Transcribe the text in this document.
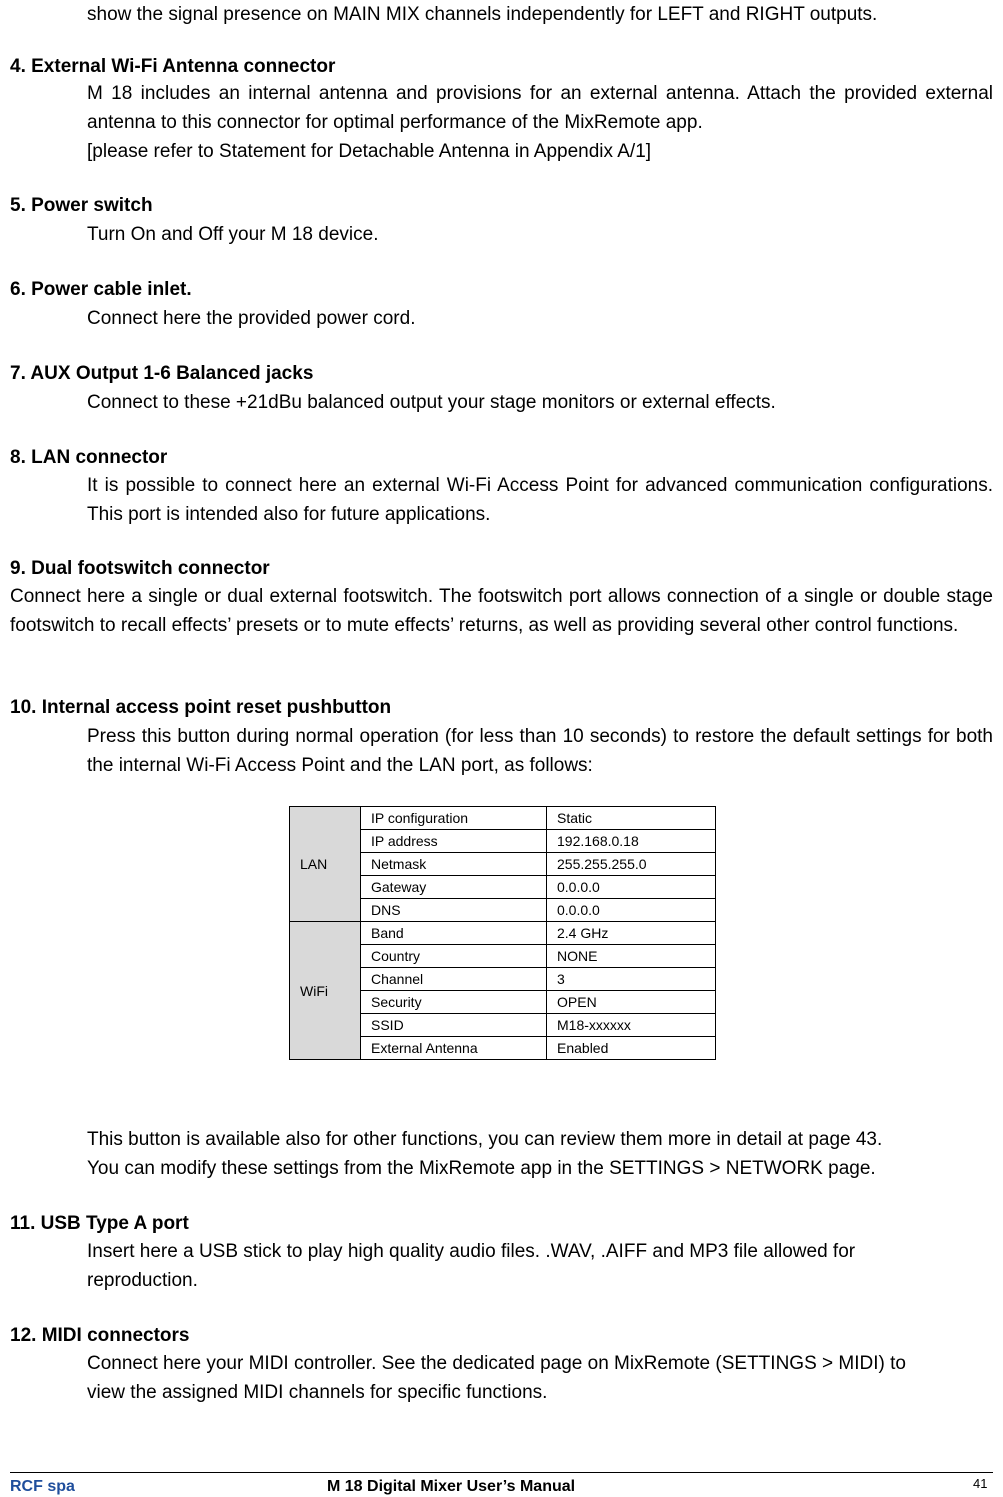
show the signal presence on MAIN MIX channels independently for LEFT and RIGHT outputs.
4. External Wi-Fi Antenna connector
M 18 includes an internal antenna and provisions for an external antenna. Attach the provided external antenna to this connector for optimal performance of the MixRemote app.
[please refer to Statement for Detachable Antenna in Appendix A/1]
5. Power switch
Turn On and Off your M 18 device.
6. Power cable inlet.
Connect here the provided power cord.
7. AUX Output 1-6 Balanced jacks
Connect to these +21dBu balanced output your stage monitors or external effects.
8. LAN connector
It is possible to connect here an external Wi-Fi Access Point for advanced communication configurations. This port is intended also for future applications.
9. Dual footswitch connector
Connect here a single or dual external footswitch. The footswitch port allows connection of a single or double stage footswitch to recall effects’ presets or to mute effects’ returns, as well as providing several other control functions.
10. Internal access point reset pushbutton
Press this button during normal operation (for less than 10 seconds) to restore the default settings for both the internal Wi-Fi Access Point and the LAN port, as follows:
LAN	IP configuration	Static
	IP address	192.168.0.18
	Netmask	255.255.255.0
	Gateway	0.0.0.0
	DNS	0.0.0.0
WiFi	Band	2.4 GHz
	Country	NONE
	Channel	3
	Security	OPEN
	SSID	M18-xxxxxx
	External Antenna	Enabled
This button is available also for other functions, you can review them more in detail at page 43.
You can modify these settings from the MixRemote app in the SETTINGS > NETWORK page.
11. USB Type A port
Insert here a USB stick to play high quality audio files. .WAV, .AIFF and MP3 file allowed for
reproduction.
12. MIDI connectors
Connect here your MIDI controller. See the dedicated page on MixRemote (SETTINGS > MIDI) to
view the assigned MIDI channels for specific functions.
RCF spa	M 18 Digital Mixer User’s Manual	41
